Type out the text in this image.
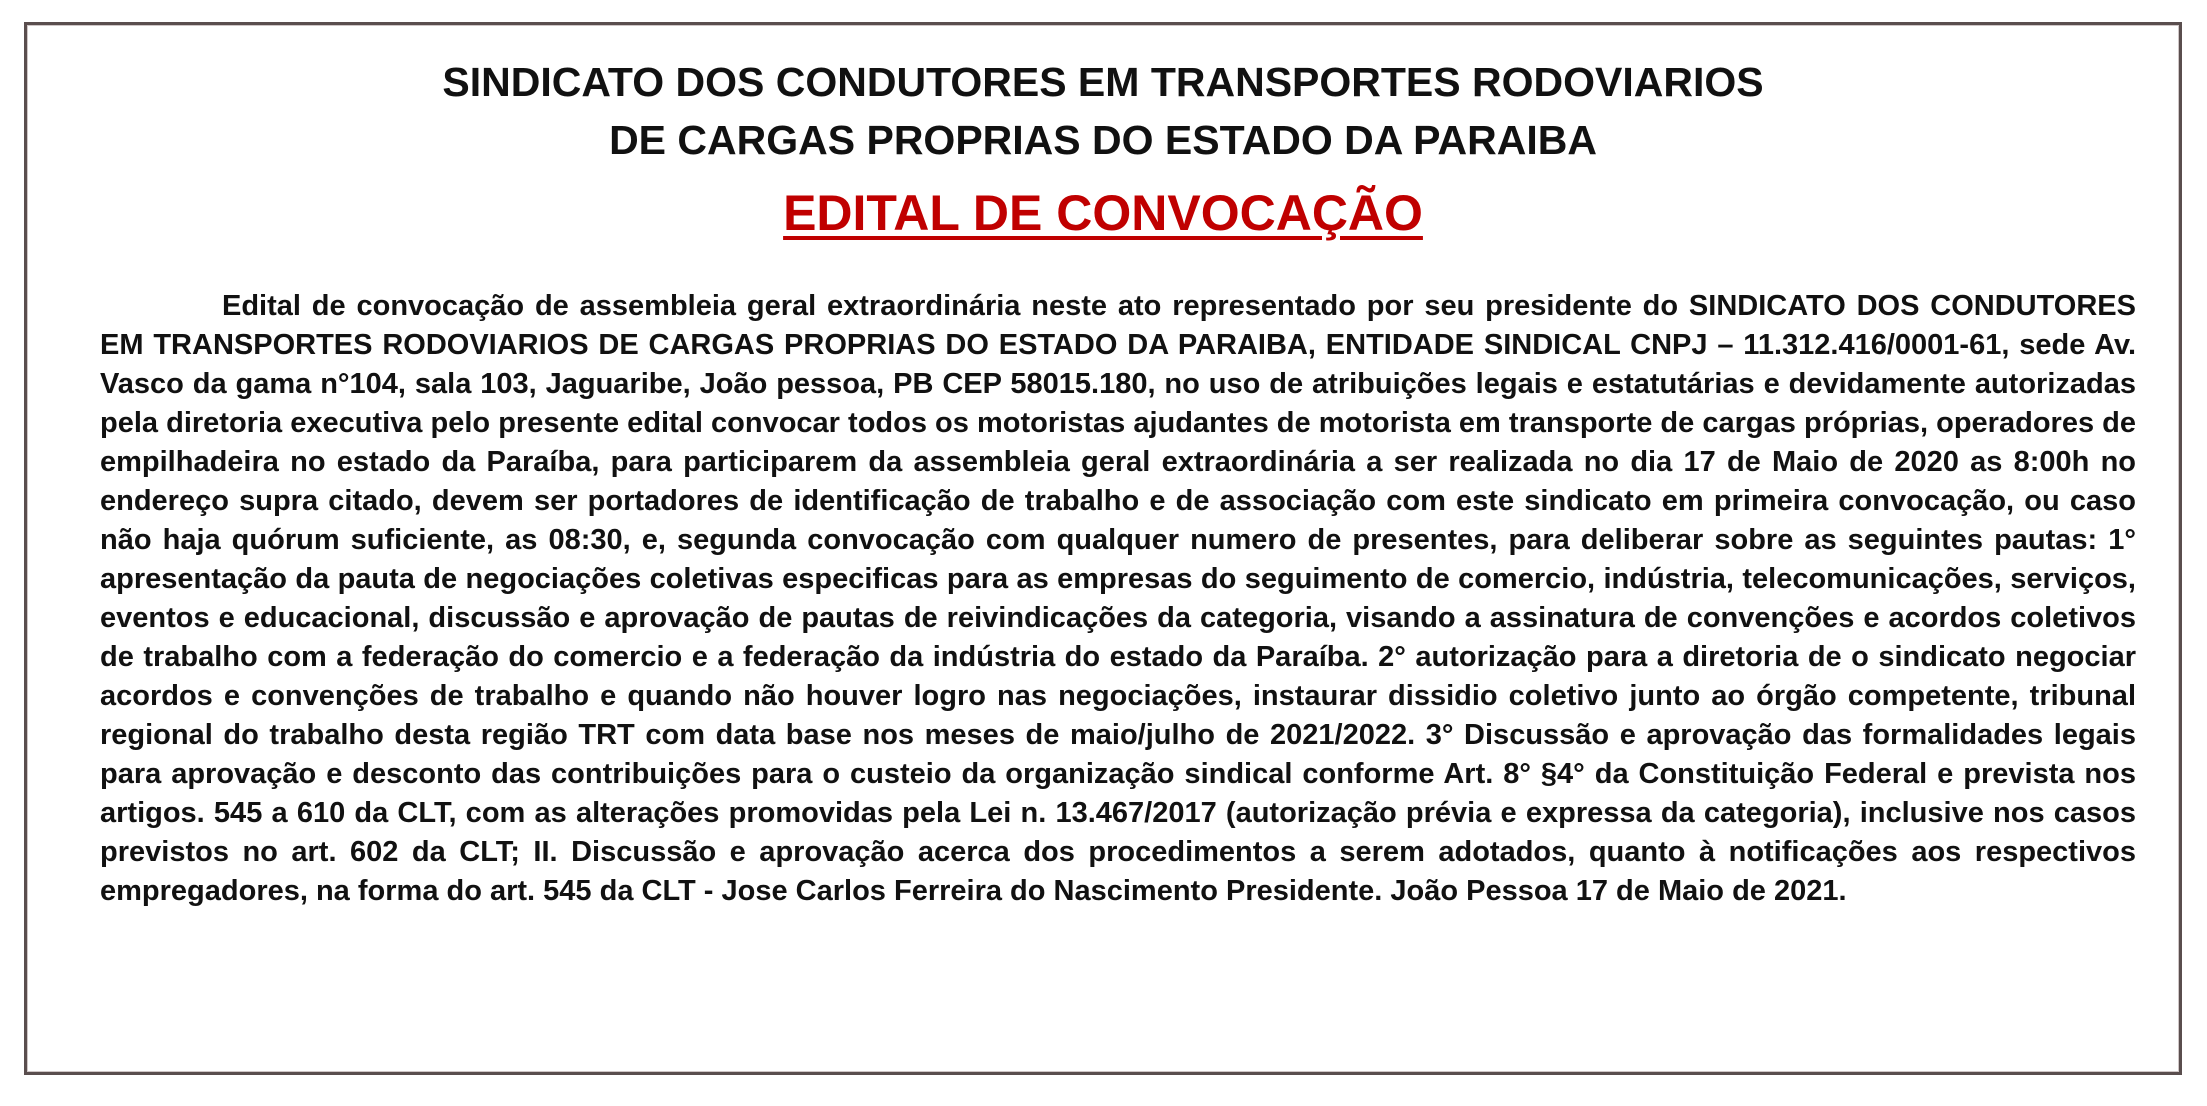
SINDICATO DOS CONDUTORES EM TRANSPORTES RODOVIARIOS
DE CARGAS PROPRIAS DO ESTADO DA PARAIBA
EDITAL DE CONVOCAÇÃO

Edital de convocação de assembleia geral extraordinária neste ato representado por seu presidente do SINDICATO DOS CONDUTORES EM TRANSPORTES RODOVIARIOS DE CARGAS PROPRIAS DO ESTADO DA PARAIBA, ENTIDADE SINDICAL CNPJ – 11.312.416/0001-61, sede Av. Vasco da gama n°104, sala 103, Jaguaribe, João pessoa, PB CEP 58015.180, no uso de atribuições legais e estatutárias e devidamente autorizadas pela diretoria executiva pelo presente edital convocar todos os motoristas ajudantes de motorista em transporte de cargas próprias, operadores de empilhadeira no estado da Paraíba, para participarem da assembleia geral extraordinária a ser realizada no dia 17 de Maio de 2020 as 8:00h no endereço supra citado, devem ser portadores de identificação de trabalho e de associação com este sindicato em primeira convocação, ou caso não haja quórum suficiente, as 08:30, e, segunda convocação com qualquer numero de presentes, para deliberar sobre as seguintes pautas: 1° apresentação da pauta de negociações coletivas especificas para as empresas do seguimento de comercio, indústria, telecomunicações, serviços, eventos e educacional, discussão e aprovação de pautas de reivindicações da categoria, visando a assinatura de convenções e acordos coletivos de trabalho com a federação do comercio e a federação da indústria do estado da Paraíba. 2° autorização para a diretoria de o sindicato negociar acordos e convenções de trabalho e quando não houver logro nas negociações, instaurar dissidio coletivo junto ao órgão competente, tribunal regional do trabalho desta região TRT com data base nos meses de maio/julho de 2021/2022. 3° Discussão e aprovação das formalidades legais para aprovação e desconto das contribuições para o custeio da organização sindical conforme Art. 8° §4° da Constituição Federal e prevista nos artigos. 545 a 610 da CLT, com as alterações promovidas pela Lei n. 13.467/2017 (autorização prévia e expressa da categoria), inclusive nos casos previstos no art. 602 da CLT; II. Discussão e aprovação acerca dos procedimentos a serem adotados, quanto à notificações aos respectivos empregadores, na forma do art. 545 da CLT - Jose Carlos Ferreira do Nascimento Presidente. João Pessoa 17 de Maio de 2021.
